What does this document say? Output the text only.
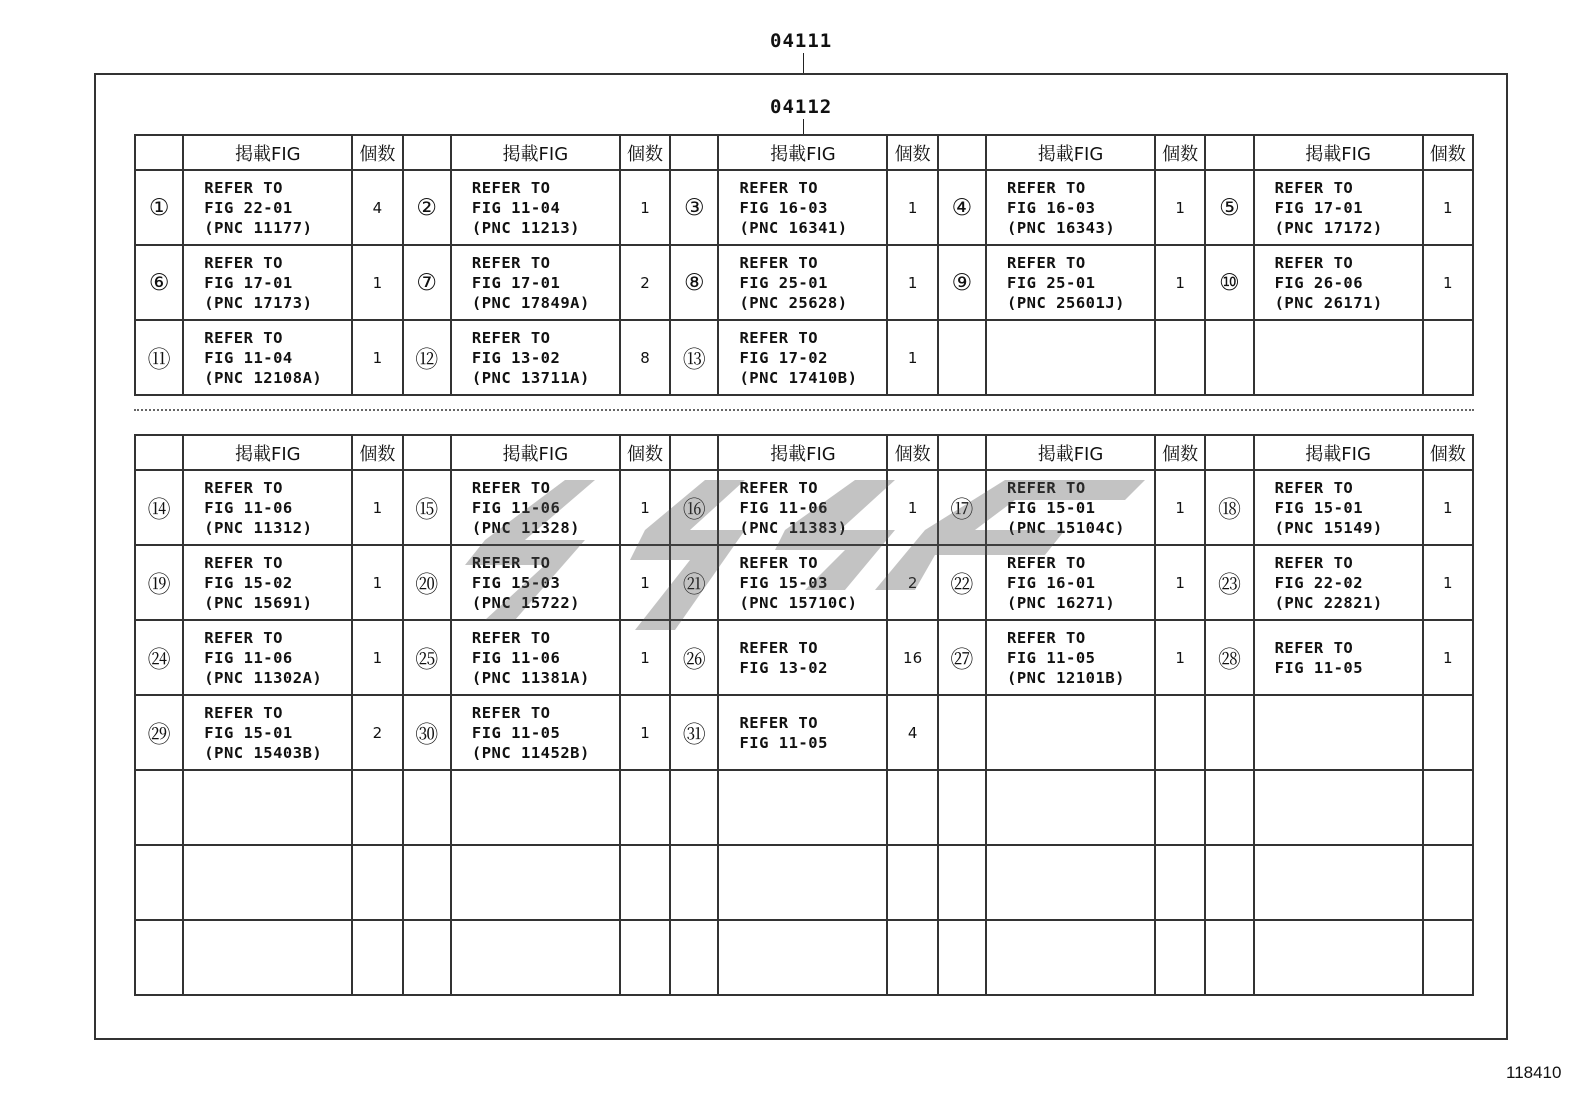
04111
04112
	掲載FIG	個数		掲載FIG	個数		掲載FIG	個数		掲載FIG	個数		掲載FIG	個数
①	REFER TO
FIG 22-01
(PNC 11177)	4	②	REFER TO
FIG 11-04
(PNC 11213)	1	③	REFER TO
FIG 16-03
(PNC 16341)	1	④	REFER TO
FIG 16-03
(PNC 16343)	1	⑤	REFER TO
FIG 17-01
(PNC 17172)	1
⑥	REFER TO
FIG 17-01
(PNC 17173)	1	⑦	REFER TO
FIG 17-01
(PNC 17849A)	2	⑧	REFER TO
FIG 25-01
(PNC 25628)	1	⑨	REFER TO
FIG 25-01
(PNC 25601J)	1	⑩	REFER TO
FIG 26-06
(PNC 26171)	1
⑪	REFER TO
FIG 11-04
(PNC 12108A)	1	⑫	REFER TO
FIG 13-02
(PNC 13711A)	8	⑬	REFER TO
FIG 17-02
(PNC 17410B)	1						
	掲載FIG	個数		掲載FIG	個数		掲載FIG	個数		掲載FIG	個数		掲載FIG	個数
⑭	REFER TO
FIG 11-06
(PNC 11312)	1	⑮	REFER TO
FIG 11-06
(PNC 11328)	1	⑯	REFER TO
FIG 11-06
(PNC 11383)	1	⑰	REFER TO
FIG 15-01
(PNC 15104C)	1	⑱	REFER TO
FIG 15-01
(PNC 15149)	1
⑲	REFER TO
FIG 15-02
(PNC 15691)	1	⑳	REFER TO
FIG 15-03
(PNC 15722)	1	㉑	REFER TO
FIG 15-03
(PNC 15710C)	2	㉒	REFER TO
FIG 16-01
(PNC 16271)	1	㉓	REFER TO
FIG 22-02
(PNC 22821)	1
㉔	REFER TO
FIG 11-06
(PNC 11302A)	1	㉕	REFER TO
FIG 11-06
(PNC 11381A)	1	㉖	REFER TO
FIG 13-02	16	㉗	REFER TO
FIG 11-05
(PNC 12101B)	1	㉘	REFER TO
FIG 11-05	1
㉙	REFER TO
FIG 15-01
(PNC 15403B)	2	㉚	REFER TO
FIG 11-05
(PNC 11452B)	1	㉛	REFER TO
FIG 11-05	4						

118410
